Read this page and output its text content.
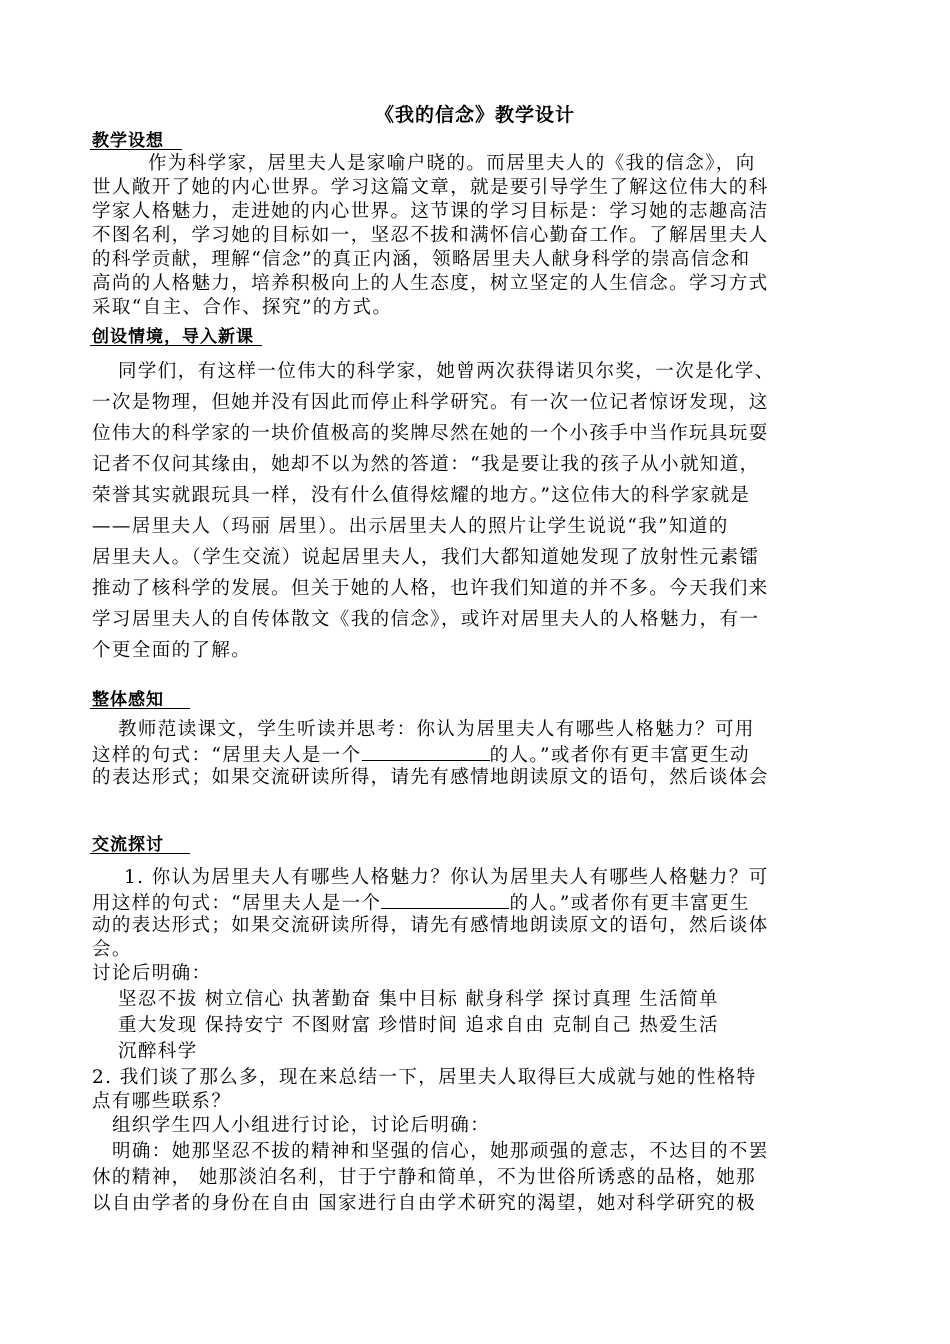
《我的信念》教学设计
教学设想
作为科学家，居里夫人是家喻户晓的。而居里夫人的《我的信念》，向
世人敞开了她的内心世界。学习这篇文章，就是要引导学生了解这位伟大的科
学家人格魅力，走进她的内心世界。这节课的学习目标是：学习她的志趣高洁
不图名利，学习她的目标如一，坚忍不拔和满怀信心勤奋工作。了解居里夫人
的科学贡献，理解“信念”的真正内涵，领略居里夫人献身科学的崇高信念和
高尚的人格魅力，培养积极向上的人生态度，树立坚定的人生信念。学习方式
采取“自主、合作、探究”的方式。
创设情境，导入新课
同学们，有这样一位伟大的科学家，她曾两次获得诺贝尔奖，一次是化学、
一次是物理，但她并没有因此而停止科学研究。有一次一位记者惊讶发现，这
位伟大的科学家的一块价值极高的奖牌尽然在她的一个小孩手中当作玩具玩耍
记者不仅问其缘由，她却不以为然的答道：“我是要让我的孩子从小就知道，
荣誉其实就跟玩具一样，没有什么值得炫耀的地方。”这位伟大的科学家就是
——居里夫人（玛丽 居里）。出示居里夫人的照片让学生说说“我”知道的
居里夫人。（学生交流）说起居里夫人，我们大都知道她发现了放射性元素镭
推动了核科学的发展。但关于她的人格，也许我们知道的并不多。今天我们来
学习居里夫人的自传体散文《我的信念》，或许对居里夫人的人格魅力，有一
个更全面的了解。
整体感知
教师范读课文，学生听读并思考：你认为居里夫人有哪些人格魅力？可用
这样的句式：“居里夫人是一个	的人。”或者你有更丰富更生动
的表达形式；如果交流研读所得，请先有感情地朗读原文的语句，然后谈体会
交流探讨
1. 你认为居里夫人有哪些人格魅力？你认为居里夫人有哪些人格魅力？可
用这样的句式：“居里夫人是一个	的人。”或者你有更丰富更生
动的表达形式；如果交流研读所得，请先有感情地朗读原文的语句，然后谈体
会。
讨论后明确：
坚忍不拔 树立信心 执著勤奋 集中目标 献身科学 探讨真理 生活简单
重大发现 保持安宁 不图财富 珍惜时间 追求自由 克制自己 热爱生活
沉醉科学
2. 我们谈了那么多，现在来总结一下，居里夫人取得巨大成就与她的性格特
点有哪些联系？
组织学生四人小组进行讨论，讨论后明确：
明确：她那坚忍不拔的精神和坚强的信心，她那顽强的意志，不达目的不罢
休的精神， 她那淡泊名利，甘于宁静和简单，不为世俗所诱惑的品格，她那
以自由学者的身份在自由 国家进行自由学术研究的渴望，她对科学研究的极
